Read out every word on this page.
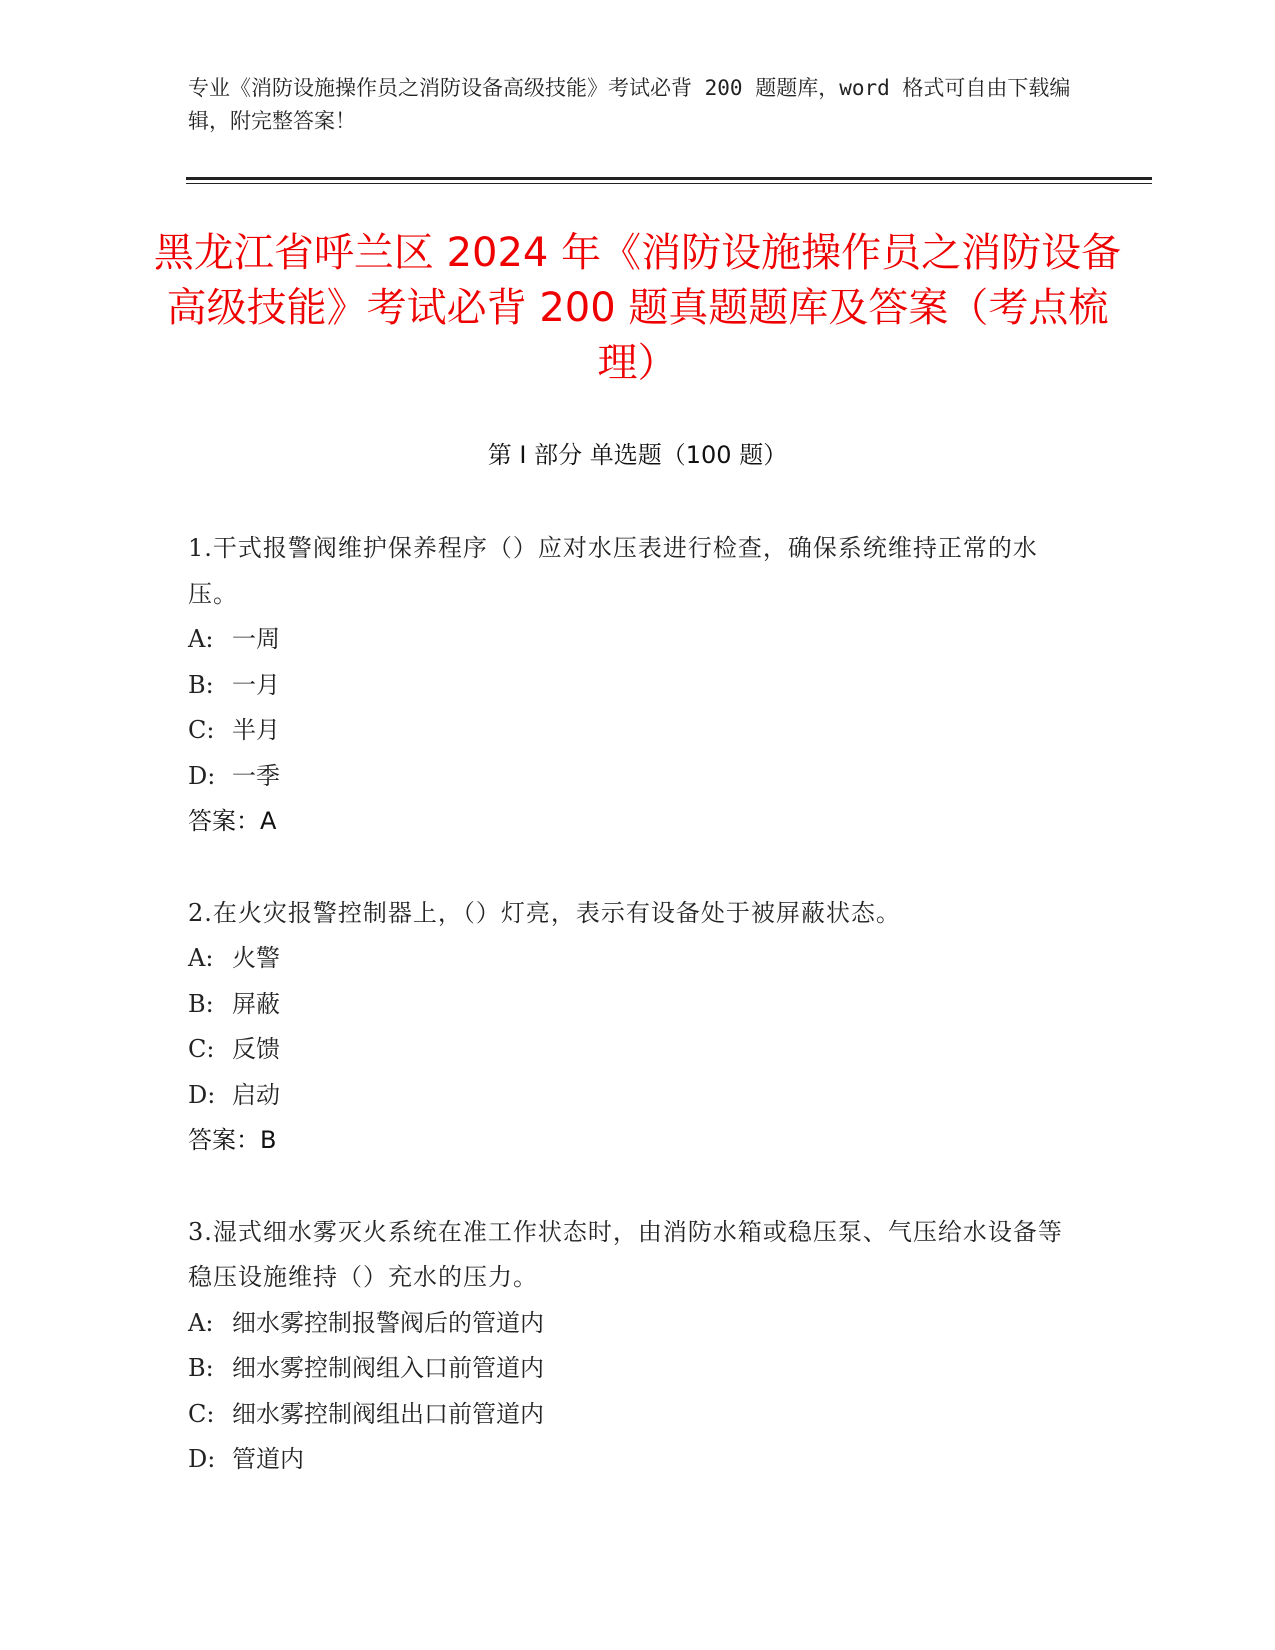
专业《消防设施操作员之消防设备高级技能》考试必背 200 题题库，word 格式可自由下载编辑，附完整答案！
黑龙江省呼兰区 2024 年《消防设施操作员之消防设备高级技能》考试必背 200 题真题题库及答案（考点梳理）
第 I 部分 单选题（100 题）
1.干式报警阀维护保养程序（）应对水压表进行检查，确保系统维持正常的水压。
A: 一周
B: 一月
C: 半月
D: 一季
答案：A
2.在火灾报警控制器上，（）灯亮，表示有设备处于被屏蔽状态。
A: 火警
B: 屏蔽
C: 反馈
D: 启动
答案：B
3.湿式细水雾灭火系统在准工作状态时，由消防水箱或稳压泵、气压给水设备等稳压设施维持（）充水的压力。
A: 细水雾控制报警阀后的管道内
B: 细水雾控制阀组入口前管道内
C: 细水雾控制阀组出口前管道内
D: 管道内
